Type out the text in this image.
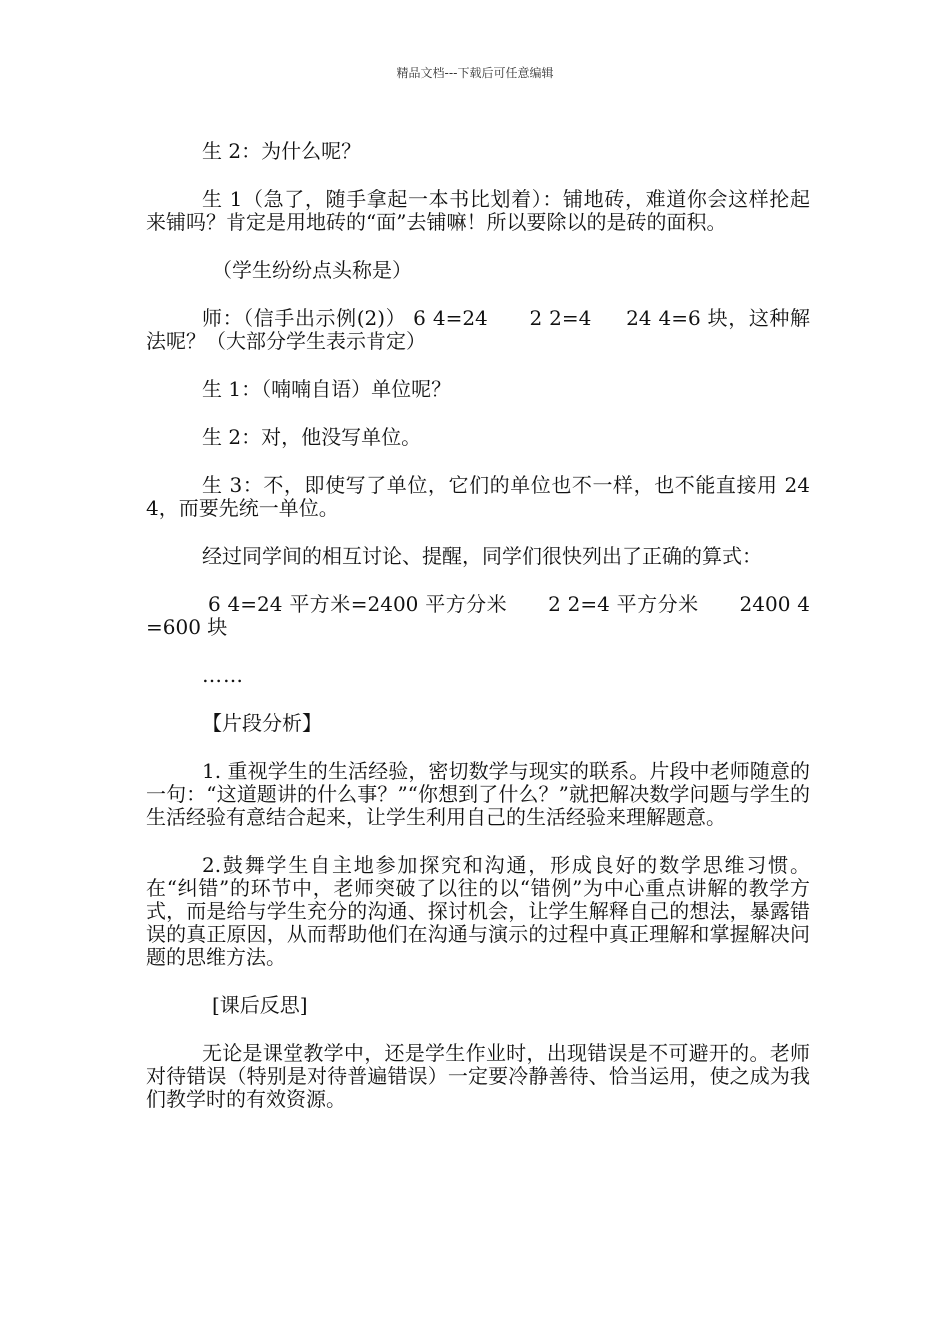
精品文档---下载后可任意编辑

生 2：为什么呢？

生 1（急了，随手拿起一本书比划着）：铺地砖，难道你会这样抡起来铺吗？肯定是用地砖的“面”去铺嘛！所以要除以的是砖的面积。

（学生纷纷点头称是）

师：（信手出示例(2)） 6 4=24      2 2=4     24 4=6 块，这种解法呢？（大部分学生表示肯定）

生 1：（喃喃自语）单位呢？

生 2：对，他没写单位。

生 3：不，即使写了单位，它们的单位也不一样，也不能直接用 24 4，而要先统一单位。

经过同学间的相互讨论、提醒，同学们很快列出了正确的算式：

6 4=24 平方米=2400 平方分米      2 2=4 平方分米      2400 4=600 块

……

【片段分析】

1. 重视学生的生活经验，密切数学与现实的联系。片段中老师随意的一句：“这道题讲的什么事？”“你想到了什么？”就把解决数学问题与学生的生活经验有意结合起来，让学生利用自己的生活经验来理解题意。

2.鼓舞学生自主地参加探究和沟通，形成良好的数学思维习惯。在“纠错”的环节中，老师突破了以往的以“错例”为中心重点讲解的教学方式，而是给与学生充分的沟通、探讨机会，让学生解释自己的想法，暴露错误的真正原因，从而帮助他们在沟通与演示的过程中真正理解和掌握解决问题的思维方法。

[课后反思]

无论是课堂教学中，还是学生作业时，出现错误是不可避开的。老师对待错误（特别是对待普遍错误）一定要冷静善待、恰当运用，使之成为我们教学时的有效资源。
